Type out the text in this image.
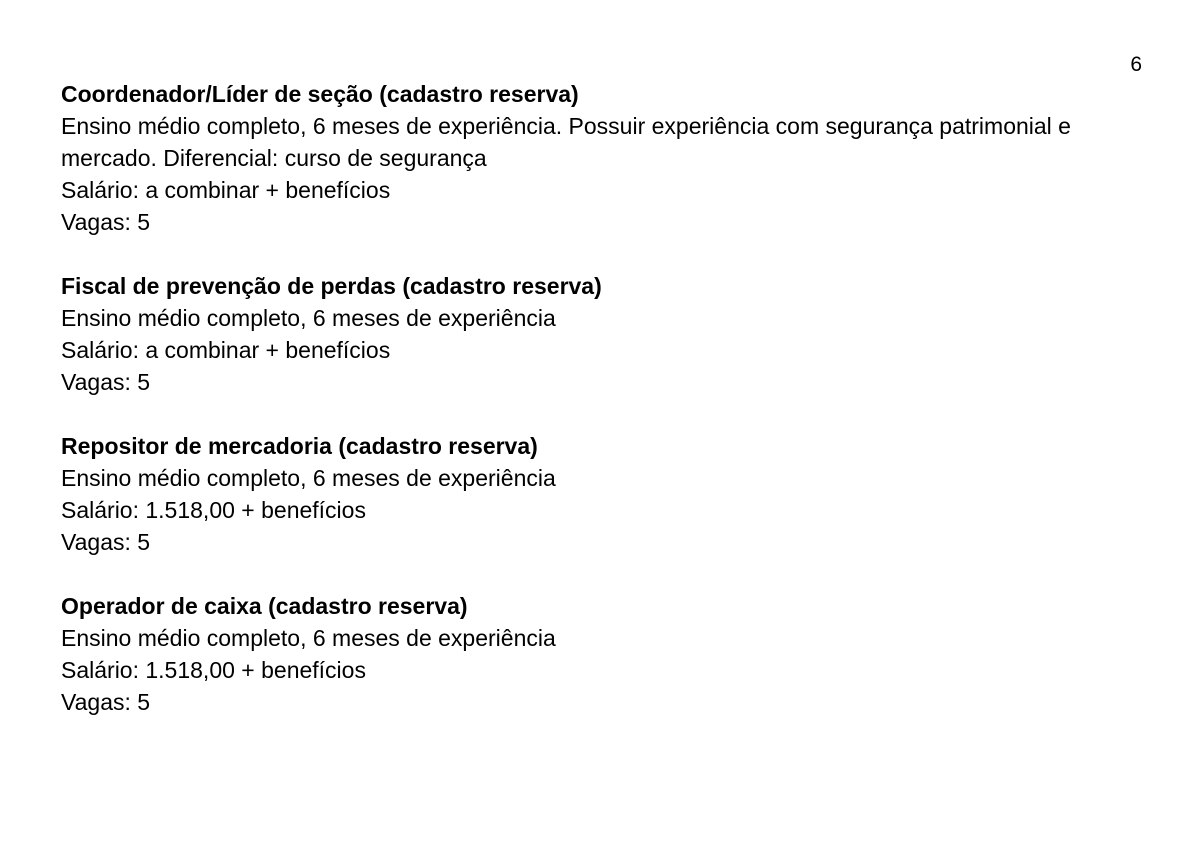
6

Coordenador/Líder de seção (cadastro reserva)

Ensino médio completo, 6 meses de experiência. Possuir experiência com segurança patrimonial e mercado. Diferencial: curso de segurança

Salário: a combinar + benefícios

Vagas: 5

Fiscal de prevenção de perdas (cadastro reserva)

Ensino médio completo, 6 meses de experiência

Salário: a combinar + benefícios

Vagas: 5

Repositor de mercadoria (cadastro reserva)

Ensino médio completo, 6 meses de experiência

Salário: 1.518,00 + benefícios

Vagas: 5

Operador de caixa (cadastro reserva)

Ensino médio completo, 6 meses de experiência

Salário: 1.518,00 + benefícios

Vagas: 5
